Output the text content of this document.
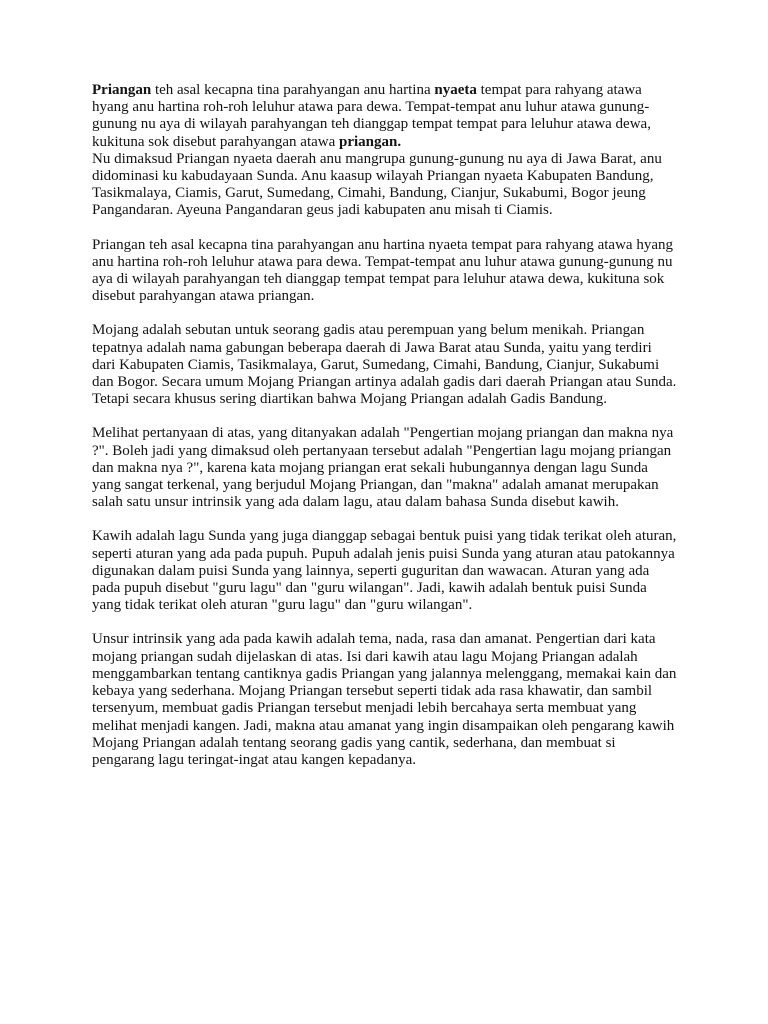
Priangan teh asal kecapna tina parahyangan anu hartina nyaeta tempat para rahyang atawa hyang anu hartina roh-roh leluhur atawa para dewa. Tempat-tempat anu luhur atawa gunung-gunung nu aya di wilayah parahyangan teh dianggap tempat tempat para leluhur atawa dewa, kukituna sok disebut parahyangan atawa priangan.

Nu dimaksud Priangan nyaeta daerah anu mangrupa gunung-gunung nu aya di Jawa Barat, anu didominasi ku kabudayaan Sunda. Anu kaasup wilayah Priangan nyaeta Kabupaten Bandung, Tasikmalaya, Ciamis, Garut, Sumedang, Cimahi, Bandung, Cianjur, Sukabumi, Bogor jeung Pangandaran. Ayeuna Pangandaran geus jadi kabupaten anu misah ti Ciamis.

Priangan teh asal kecapna tina parahyangan anu hartina nyaeta tempat para rahyang atawa hyang anu hartina roh-roh leluhur atawa para dewa. Tempat-tempat anu luhur atawa gunung-gunung nu aya di wilayah parahyangan teh dianggap tempat tempat para leluhur atawa dewa, kukituna sok disebut parahyangan atawa priangan.

Mojang adalah sebutan untuk seorang gadis atau perempuan yang belum menikah. Priangan tepatnya adalah nama gabungan beberapa daerah di Jawa Barat atau Sunda, yaitu yang terdiri dari Kabupaten Ciamis, Tasikmalaya, Garut, Sumedang, Cimahi, Bandung, Cianjur, Sukabumi dan Bogor. Secara umum Mojang Priangan artinya adalah gadis dari daerah Priangan atau Sunda. Tetapi secara khusus sering diartikan bahwa Mojang Priangan adalah Gadis Bandung.

Melihat pertanyaan di atas, yang ditanyakan adalah "Pengertian mojang priangan dan makna nya ?". Boleh jadi yang dimaksud oleh pertanyaan tersebut adalah "Pengertian lagu mojang priangan dan makna nya ?", karena kata mojang priangan erat sekali hubungannya dengan lagu Sunda yang sangat terkenal, yang berjudul Mojang Priangan, dan "makna" adalah amanat merupakan salah satu unsur intrinsik yang ada dalam lagu, atau dalam bahasa Sunda disebut kawih.

Kawih adalah lagu Sunda yang juga dianggap sebagai bentuk puisi yang tidak terikat oleh aturan, seperti aturan yang ada pada pupuh. Pupuh adalah jenis puisi Sunda yang aturan atau patokannya digunakan dalam puisi Sunda yang lainnya, seperti guguritan dan wawacan. Aturan yang ada pada pupuh disebut "guru lagu" dan "guru wilangan". Jadi, kawih adalah bentuk puisi Sunda yang tidak terikat oleh aturan "guru lagu" dan "guru wilangan".

Unsur intrinsik yang ada pada kawih adalah tema, nada, rasa dan amanat. Pengertian dari kata mojang priangan sudah dijelaskan di atas. Isi dari kawih atau lagu Mojang Priangan adalah menggambarkan tentang cantiknya gadis Priangan yang jalannya melenggang, memakai kain dan kebaya yang sederhana. Mojang Priangan tersebut seperti tidak ada rasa khawatir, dan sambil tersenyum, membuat gadis Priangan tersebut menjadi lebih bercahaya serta membuat yang melihat menjadi kangen. Jadi, makna atau amanat yang ingin disampaikan oleh pengarang kawih Mojang Priangan adalah tentang seorang gadis yang cantik, sederhana, dan membuat si pengarang lagu teringat-ingat atau kangen kepadanya.
